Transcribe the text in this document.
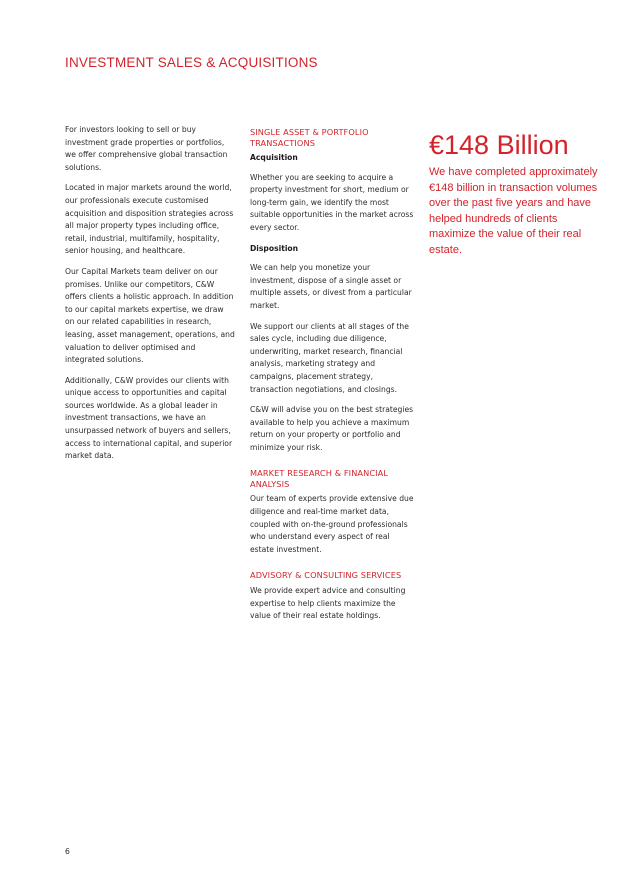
INVESTMENT SALES & ACQUISITIONS

For investors looking to sell or buy investment grade properties or portfolios, we offer comprehensive global transaction solutions.

Located in major markets around the world, our professionals execute customised acquisition and disposition strategies across all major property types including office, retail, industrial, multifamily, hospitality, senior housing, and healthcare.

Our Capital Markets team deliver on our promises. Unlike our competitors, C&W offers clients a holistic approach. In addition to our capital markets expertise, we draw on our related capabilities in research, leasing, asset management, operations, and valuation to deliver optimised and integrated solutions.

Additionally, C&W provides our clients with unique access to opportunities and capital sources worldwide. As a global leader in investment transactions, we have an unsurpassed network of buyers and sellers, access to international capital, and superior market data.

SINGLE ASSET & PORTFOLIO TRANSACTIONS
Acquisition

Whether you are seeking to acquire a property investment for short, medium or long-term gain, we identify the most suitable opportunities in the market across every sector.

Disposition

We can help you monetize your investment, dispose of a single asset or multiple assets, or divest from a particular market.

We support our clients at all stages of the sales cycle, including due diligence, underwriting, market research, financial analysis, marketing strategy and campaigns, placement strategy, transaction negotiations, and closings.

C&W will advise you on the best strategies available to help you achieve a maximum return on your property or portfolio and minimize your risk.

MARKET RESEARCH & FINANCIAL ANALYSIS

Our team of experts provide extensive due diligence and real-time market data, coupled with on-the-ground professionals who understand every aspect of real estate investment.

ADVISORY & CONSULTING SERVICES

We provide expert advice and consulting expertise to help clients maximize the value of their real estate holdings.

€148 Billion

We have completed approximately €148 billion in transaction volumes over the past five years and have helped hundreds of clients maximize the value of their real estate.

6
